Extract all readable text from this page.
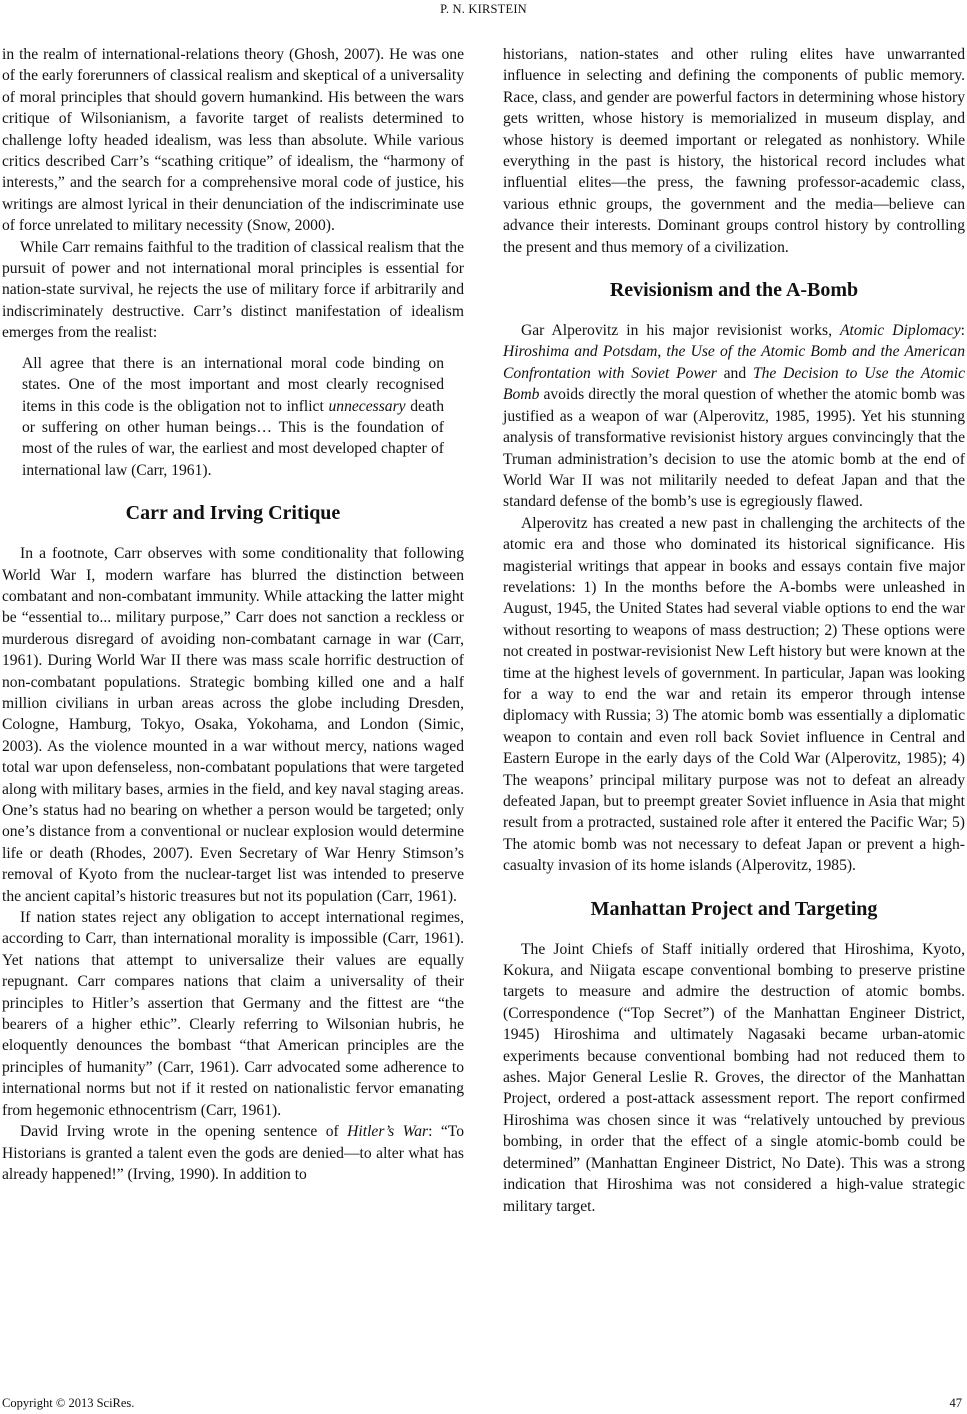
P. N. KIRSTEIN

in the realm of international-relations theory (Ghosh, 2007). He was one of the early forerunners of classical realism and skeptical of a universality of moral principles that should govern humankind. His between the wars critique of Wilsonianism, a favorite target of realists determined to challenge lofty headed idealism, was less than absolute. While various critics described Carr’s “scathing critique” of idealism, the “harmony of interests,” and the search for a comprehensive moral code of justice, his writings are almost lyrical in their denunciation of the indiscriminate use of force unrelated to military necessity (Snow, 2000).

While Carr remains faithful to the tradition of classical realism that the pursuit of power and not international moral principles is essential for nation-state survival, he rejects the use of military force if arbitrarily and indiscriminately destructive. Carr’s distinct manifestation of idealism emerges from the realist:

All agree that there is an international moral code binding on states. One of the most important and most clearly recognised items in this code is the obligation not to inflict unnecessary death or suffering on other human beings… This is the foundation of most of the rules of war, the earliest and most developed chapter of international law (Carr, 1961).

Carr and Irving Critique

In a footnote, Carr observes with some conditionality that following World War I, modern warfare has blurred the distinction between combatant and non-combatant immunity. While attacking the latter might be “essential to... military purpose,” Carr does not sanction a reckless or murderous disregard of avoiding non-combatant carnage in war (Carr, 1961). During World War II there was mass scale horrific destruction of non-combatant populations. Strategic bombing killed one and a half million civilians in urban areas across the globe including Dresden, Cologne, Hamburg, Tokyo, Osaka, Yokohama, and London (Simic, 2003). As the violence mounted in a war without mercy, nations waged total war upon defenseless, non-combatant populations that were targeted along with military bases, armies in the field, and key naval staging areas. One’s status had no bearing on whether a person would be targeted; only one’s distance from a conventional or nuclear explosion would determine life or death (Rhodes, 2007). Even Secretary of War Henry Stimson’s removal of Kyoto from the nuclear-target list was intended to preserve the ancient capital’s historic treasures but not its population (Carr, 1961).

If nation states reject any obligation to accept international regimes, according to Carr, than international morality is impossible (Carr, 1961). Yet nations that attempt to universalize their values are equally repugnant. Carr compares nations that claim a universality of their principles to Hitler’s assertion that Germany and the fittest are “the bearers of a higher ethic”. Clearly referring to Wilsonian hubris, he eloquently denounces the bombast “that American principles are the principles of humanity” (Carr, 1961). Carr advocated some adherence to international norms but not if it rested on nationalistic fervor emanating from hegemonic ethnocentrism (Carr, 1961).

David Irving wrote in the opening sentence of Hitler’s War: “To Historians is granted a talent even the gods are denied—to alter what has already happened!” (Irving, 1990). In addition to

historians, nation-states and other ruling elites have unwarranted influence in selecting and defining the components of public memory. Race, class, and gender are powerful factors in determining whose history gets written, whose history is memorialized in museum display, and whose history is deemed important or relegated as nonhistory. While everything in the past is history, the historical record includes what influential elites—the press, the fawning professor-academic class, various ethnic groups, the government and the media—believe can advance their interests. Dominant groups control history by controlling the present and thus memory of a civilization.

Revisionism and the A-Bomb

Gar Alperovitz in his major revisionist works, Atomic Diplomacy: Hiroshima and Potsdam, the Use of the Atomic Bomb and the American Confrontation with Soviet Power and The Decision to Use the Atomic Bomb avoids directly the moral question of whether the atomic bomb was justified as a weapon of war (Alperovitz, 1985, 1995). Yet his stunning analysis of transformative revisionist history argues convincingly that the Truman administration’s decision to use the atomic bomb at the end of World War II was not militarily needed to defeat Japan and that the standard defense of the bomb’s use is egregiously flawed.

Alperovitz has created a new past in challenging the architects of the atomic era and those who dominated its historical significance. His magisterial writings that appear in books and essays contain five major revelations: 1) In the months before the A-bombs were unleashed in August, 1945, the United States had several viable options to end the war without resorting to weapons of mass destruction; 2) These options were not created in postwar-revisionist New Left history but were known at the time at the highest levels of government. In particular, Japan was looking for a way to end the war and retain its emperor through intense diplomacy with Russia; 3) The atomic bomb was essentially a diplomatic weapon to contain and even roll back Soviet influence in Central and Eastern Europe in the early days of the Cold War (Alperovitz, 1985); 4) The weapons’ principal military purpose was not to defeat an already defeated Japan, but to preempt greater Soviet influence in Asia that might result from a protracted, sustained role after it entered the Pacific War; 5) The atomic bomb was not necessary to defeat Japan or prevent a high-casualty invasion of its home islands (Alperovitz, 1985).

Manhattan Project and Targeting

The Joint Chiefs of Staff initially ordered that Hiroshima, Kyoto, Kokura, and Niigata escape conventional bombing to preserve pristine targets to measure and admire the destruction of atomic bombs. (Correspondence (“Top Secret”) of the Manhattan Engineer District, 1945) Hiroshima and ultimately Nagasaki became urban-atomic experiments because conventional bombing had not reduced them to ashes. Major General Leslie R. Groves, the director of the Manhattan Project, ordered a post-attack assessment report. The report confirmed Hiroshima was chosen since it was “relatively untouched by previous bombing, in order that the effect of a single atomic-bomb could be determined” (Manhattan Engineer District, No Date). This was a strong indication that Hiroshima was not considered a high-value strategic military target.

Copyright © 2013 SciRes.	47
